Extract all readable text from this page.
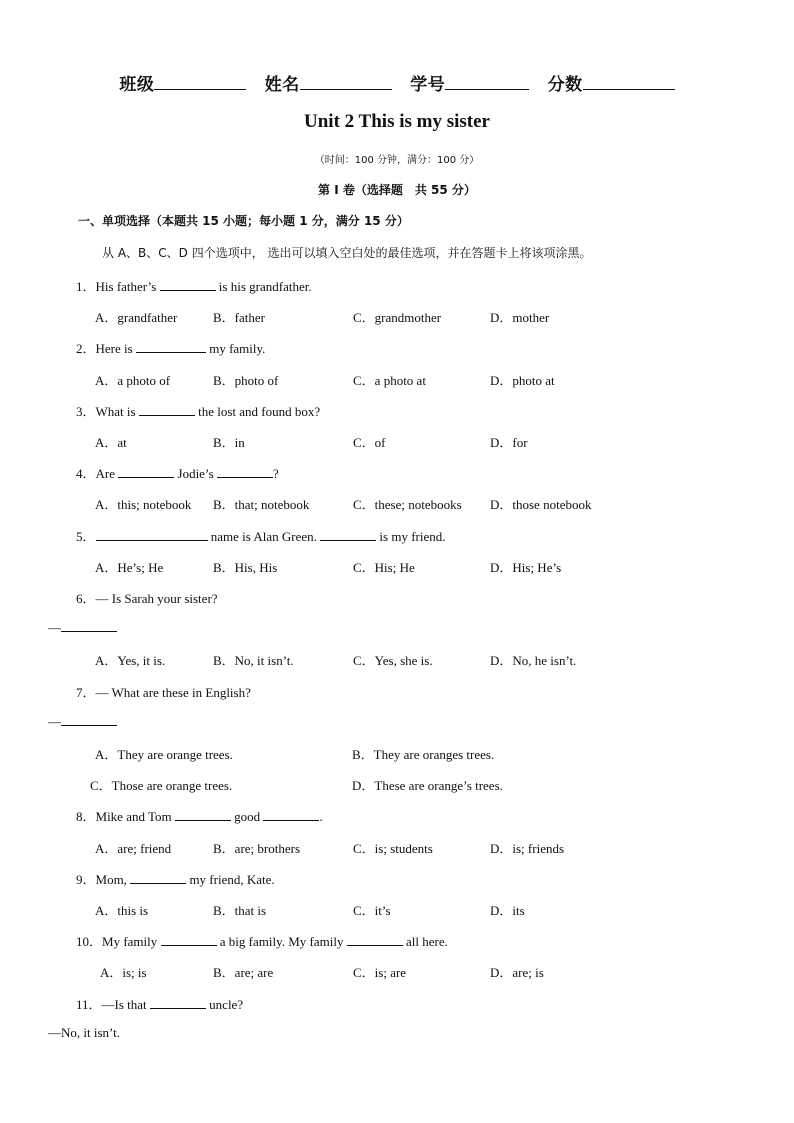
班级	姓名	学号	分数
Unit 2 This is my sister
（时间：100 分钟，满分：100 分）
第 I 卷（选择题　共 55 分）
一、单项选择（本题共 15 小题；每小题 1 分，满分 15 分）
从 A、B、C、D 四个选项中， 选出可以填入空白处的最佳选项，并在答题卡上将该项涂黑。
1．His father’s	is his grandfather.
A．grandfather	B．father	C．grandmother	D．mother
2．Here is	my family.
A．a photo of	B．photo of	C．a photo at	D．photo at
3．What is	the lost and found box?
A．at	B．in	C．of	D．for
4．Are	Jodie’s	?
A．this; notebook B．that; notebook	C．these; notebooks D．those notebook
5．	name is Alan Green.	is my friend.
A．He’s; He	B．His, His	C．His; He	D．His; He’s
6．— Is Sarah your sister?
—
A．Yes, it is.	B．No, it isn’t.	C．Yes, she is.	D．No, he isn’t.
7．— What are these in English?
—
A．They are orange trees.	B．They are oranges trees.
C．Those are orange trees.	D．These are orange’s trees.
8．Mike and Tom	good	.
A．are; friend	B．are; brothers	C．is; students	D．is; friends
9．Mom,	my friend, Kate.
A．this is	B．that is	C．it’s	D．its
10．My family	a big family. My family	all here.
A．is; is	B．are; are	C．is; are	D．are; is
11．—Is that	uncle?
—No, it isn’t.
